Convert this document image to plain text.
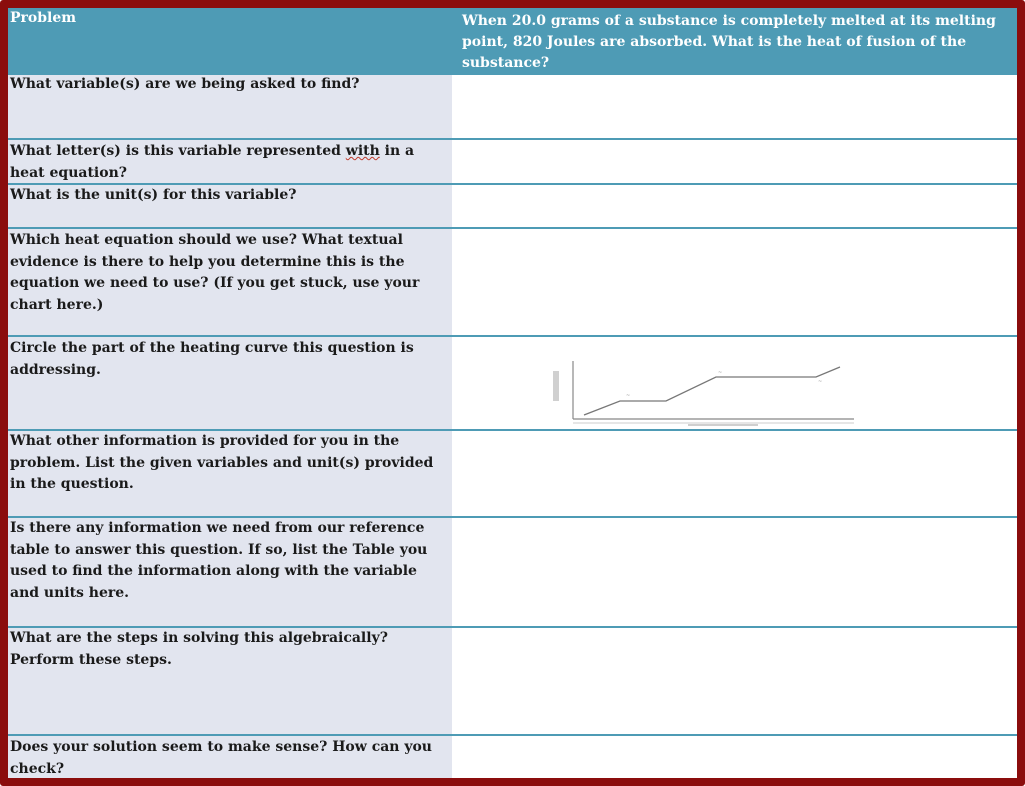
Problem	When 20.0 grams of a substance is completely melted at its melting point, 820 Joules are absorbed. What is the heat of fusion of the substance?
What variable(s) are we being asked to find?
What letter(s) is this variable represented with in a heat equation?
What is the unit(s) for this variable?
Which heat equation should we use? What textual evidence is there to help you determine this is the equation we need to use? (If you get stuck, use your chart here.)
Circle the part of the heating curve this question is addressing.
What other information is provided for you in the problem. List the given variables and unit(s) provided in the question.
Is there any information we need from our reference table to answer this question. If so, list the Table you used to find the information along with the variable and units here.
What are the steps in solving this algebraically? Perform these steps.
Does your solution seem to make sense? How can you check?
~
~
~
